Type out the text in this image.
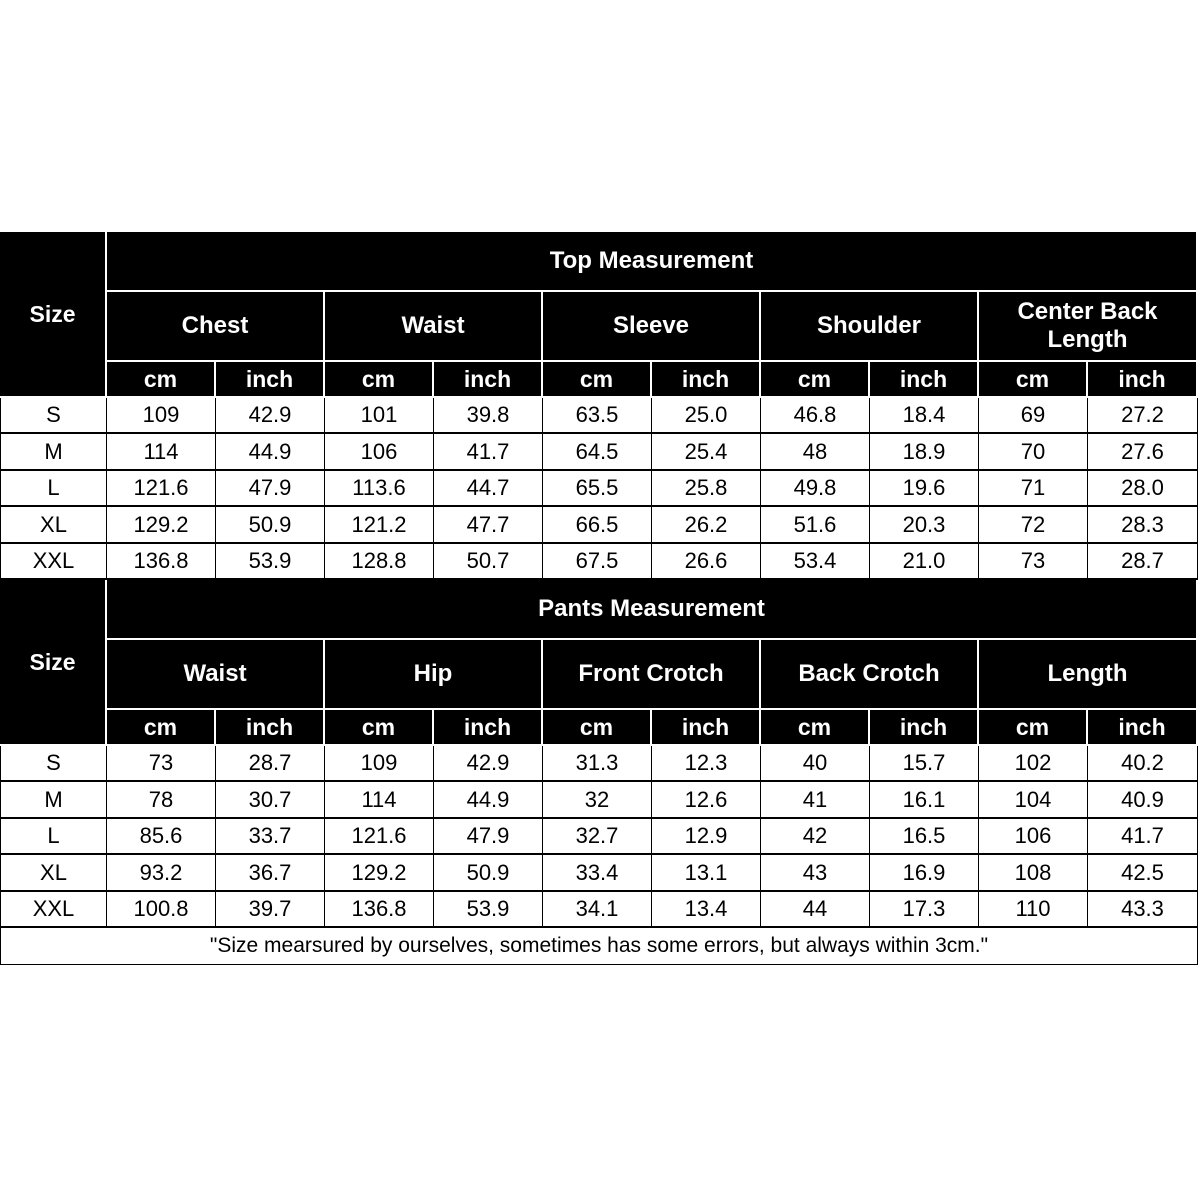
Size
Top Measurement
Chest
cm	inch
Waist
cm	inch
Sleeve
cm	inch
Shoulder
cm	inch
Center Back Length
cm	inch
S	109	42.9	101	39.8	63.5	25.0	46.8	18.4	69	27.2
M	114	44.9	106	41.7	64.5	25.4	48	18.9	70	27.6
L	121.6	47.9	113.6	44.7	65.5	25.8	49.8	19.6	71	28.0
XL	129.2	50.9	121.2	47.7	66.5	26.2	51.6	20.3	72	28.3
XXL	136.8	53.9	128.8	50.7	67.5	26.6	53.4	21.0	73	28.7
Size
Pants Measurement
Waist
cm	inch
Hip
cm	inch
Front Crotch
cm	inch
Back Crotch
cm	inch
Length
cm	inch
S	73	28.7	109	42.9	31.3	12.3	40	15.7	102	40.2
M	78	30.7	114	44.9	32	12.6	41	16.1	104	40.9
L	85.6	33.7	121.6	47.9	32.7	12.9	42	16.5	106	41.7
XL	93.2	36.7	129.2	50.9	33.4	13.1	43	16.9	108	42.5
XXL	100.8	39.7	136.8	53.9	34.1	13.4	44	17.3	110	43.3
"Size mearsured by ourselves, sometimes has some errors, but always within 3cm."
